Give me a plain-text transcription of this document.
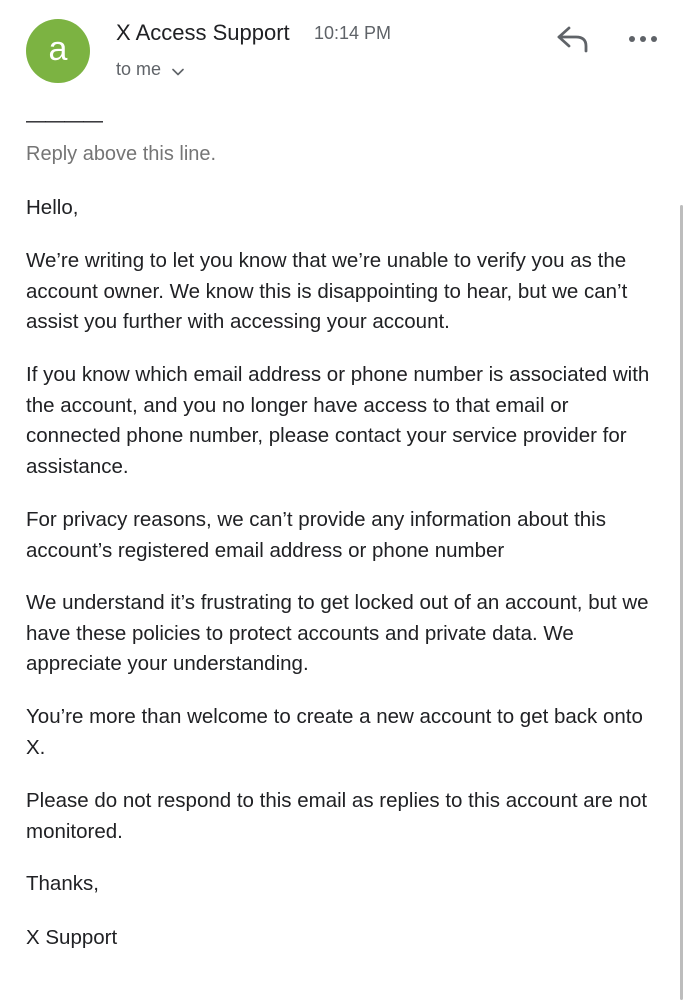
a	X Access Support 10:14 PM
to me
————
Reply above this line.

Hello,

We’re writing to let you know that we’re unable to verify you as the account owner. We know this is disappointing to hear, but we can’t assist you further with accessing your account.

If you know which email address or phone number is associated with the account, and you no longer have access to that email or connected phone number, please contact your service provider for assistance.

For privacy reasons, we can’t provide any information about this account’s registered email address or phone number

We understand it’s frustrating to get locked out of an account, but we have these policies to protect accounts and private data. We appreciate your understanding.

You’re more than welcome to create a new account to get back onto X.

Please do not respond to this email as replies to this account are not monitored.

Thanks,

X Support
